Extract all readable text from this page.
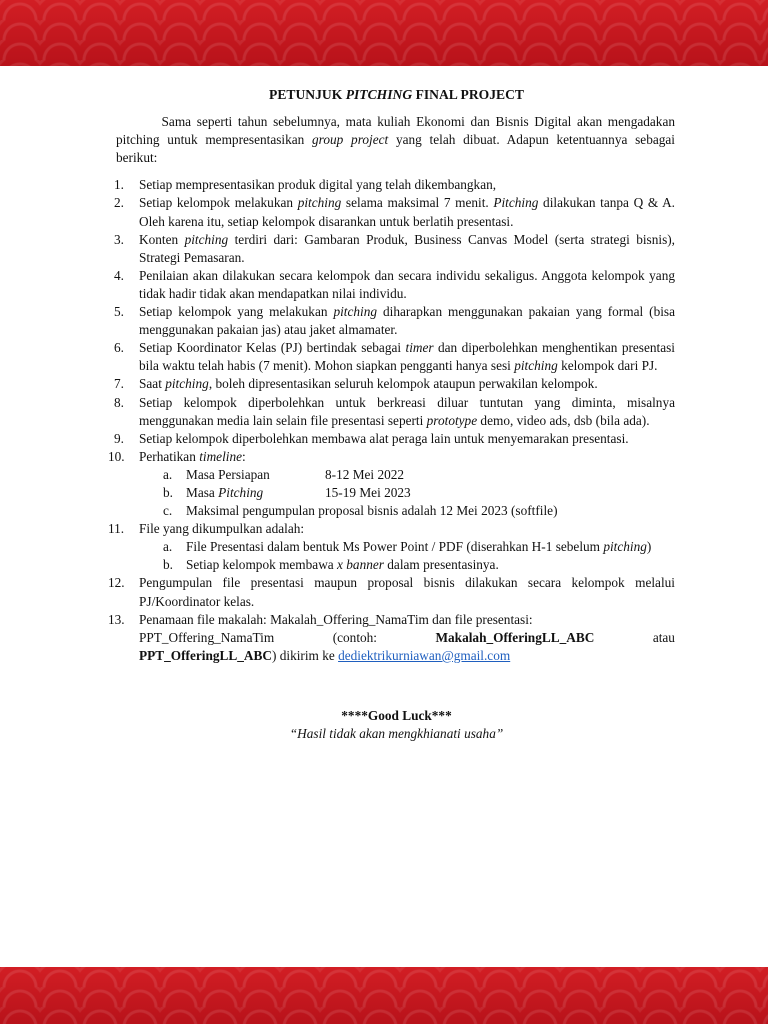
PETUNJUK PITCHING FINAL PROJECT
Sama seperti tahun sebelumnya, mata kuliah Ekonomi dan Bisnis Digital akan mengadakan pitching untuk mempresentasikan group project yang telah dibuat. Adapun ketentuannya sebagai berikut:
1.	Setiap mempresentasikan produk digital yang telah dikembangkan,
2.	Setiap kelompok melakukan pitching selama maksimal 7 menit. Pitching dilakukan tanpa Q & A. Oleh karena itu, setiap kelompok disarankan untuk berlatih presentasi.
3.	Konten pitching terdiri dari: Gambaran Produk, Business Canvas Model (serta strategi bisnis), Strategi Pemasaran.
4.	Penilaian akan dilakukan secara kelompok dan secara individu sekaligus. Anggota kelompok yang tidak hadir tidak akan mendapatkan nilai individu.
5.	Setiap kelompok yang melakukan pitching diharapkan menggunakan pakaian yang formal (bisa menggunakan pakaian jas) atau jaket almamater.
6.	Setiap Koordinator Kelas (PJ) bertindak sebagai timer dan diperbolehkan menghentikan presentasi bila waktu telah habis (7 menit). Mohon siapkan pengganti hanya sesi pitching kelompok dari PJ.
7.	Saat pitching, boleh dipresentasikan seluruh kelompok ataupun perwakilan kelompok.
8.	Setiap kelompok diperbolehkan untuk berkreasi diluar tuntutan yang diminta, misalnya menggunakan media lain selain file presentasi seperti prototype demo, video ads, dsb (bila ada).
9.	Setiap kelompok diperbolehkan membawa alat peraga lain untuk menyemarakan presentasi.
10.	Perhatikan timeline:
a. Masa Persiapan	8-12 Mei 2022
b. Masa Pitching	15-19 Mei 2023
c. Maksimal pengumpulan proposal bisnis adalah 12 Mei 2023 (softfile)
11.	File yang dikumpulkan adalah:
a. File Presentasi dalam bentuk Ms Power Point / PDF (diserahkan H-1 sebelum pitching)
b. Setiap kelompok membawa x banner dalam presentasinya.
12.	Pengumpulan file presentasi maupun proposal bisnis dilakukan secara kelompok melalui PJ/Koordinator kelas.
13.	Penamaan file makalah: Makalah_Offering_NamaTim dan file presentasi:
PPT_Offering_NamaTim	(contoh:	Makalah_OfferingLL_ABC	atau
PPT_OfferingLL_ABC) dikirim ke dediektrikurniawan@gmail.com
****Good Luck***
“Hasil tidak akan mengkhianati usaha”
